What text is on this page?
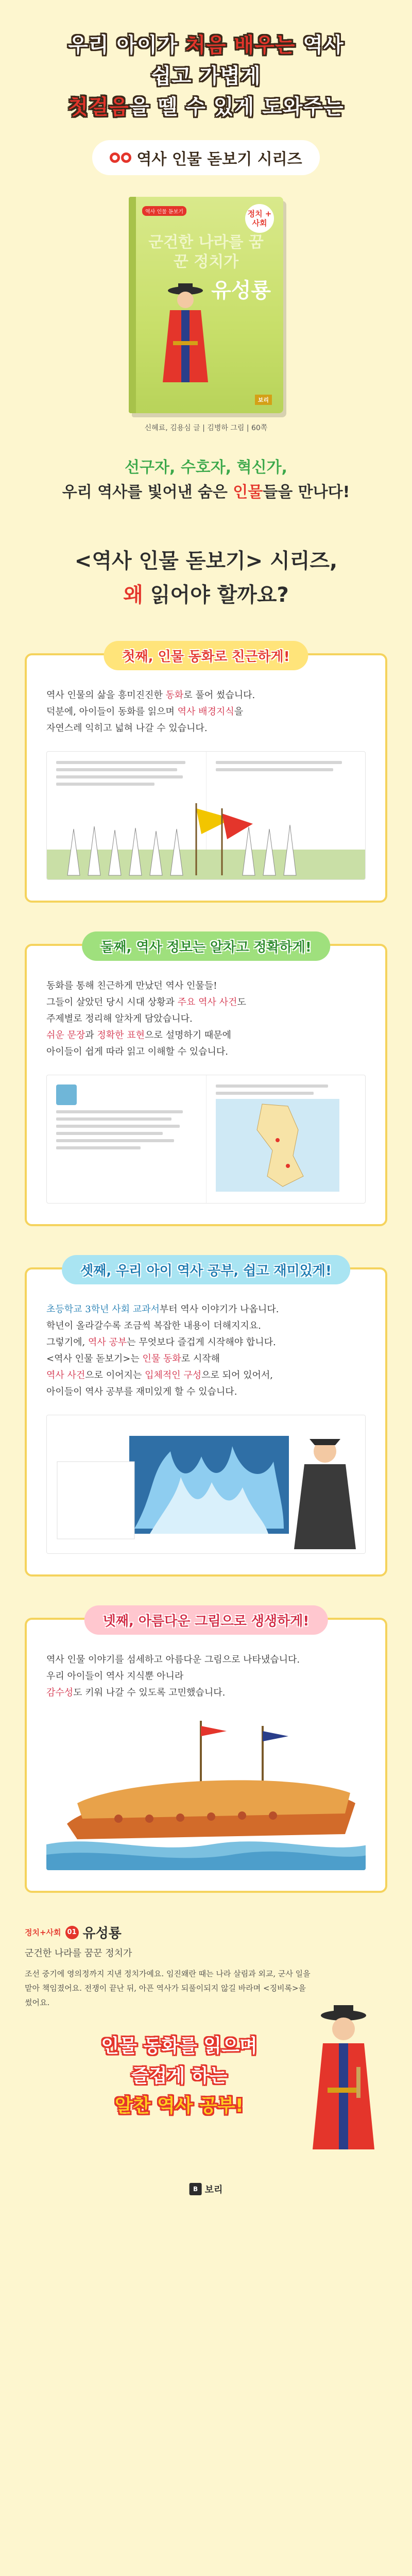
우리 아이가 처음 배우는 역사
쉽고 가볍게
첫걸음을 뗄 수 있게 도와주는
역사 인물 돋보기 시리즈
역사 인물 돋보기	정치 + 사회
군건한 나라를 꿈꾼 정치가
유성룡
보리
신혜료, 김용심 글 | 김병하 그림 | 60쪽
선구자, 수호자, 혁신가,
우리 역사를 빛어낸 숨은 인물들을 만나다!
<역사 인물 돋보기> 시리즈,
왜 읽어야 할까요?
첫째, 인물 동화로 친근하게!
역사 인물의 삶을 흥미진진한 동화로 풀어 썼습니다.
덕분에, 아이들이 동화를 읽으며 역사 배경지식을
자연스레 익히고 넓혀 나갈 수 있습니다.
둘째, 역사 정보는 알차고 정확하게!
동화를 통해 친근하게 만났던 역사 인물들!
그들이 살았던 당시 시대 상황과 주요 역사 사건도
주제별로 정리해 알차게 담았습니다.
쉬운 문장과 정확한 표현으로 설명하기 때문에
아이들이 쉽게 따라 읽고 이해할 수 있습니다.
셋째, 우리 아이 역사 공부, 쉽고 재미있게!
초등학교 3학년 사회 교과서부터 역사 이야기가 나옵니다.
학년이 올라갈수록 조금씩 복잡한 내용이 더해지지요.
그렇기에, 역사 공부는 무엇보다 즐겁게 시작해야 합니다.
<역사 인물 돋보기>는 인물 동화로 시작해
역사 사건으로 이어지는 입체적인 구성으로 되어 있어서,
아이들이 역사 공부를 재미있게 할 수 있습니다.
넷째, 아름다운 그림으로 생생하게!
역사 인물 이야기를 섬세하고 아름다운 그림으로 나타냈습니다.
우리 아이들이 역사 지식뿐 아니라
감수성도 키워 나갈 수 있도록 고민했습니다.
정치+사회 01 유성룡
군건한 나라를 꿈꾼 정치가
조선 중기에 영의정까지 지낸 정치가예요. 임진왜란 때는 나라 살림과 외교, 군사 일을 맡아 책임졌어요. 전쟁이 끝난 뒤, 아픈 역사가 되풀이되지 않길 바라며 <징비록>을 썼어요.
인물 동화를 읽으며
즐겁게 하는
알찬 역사 공부!
B 보리
